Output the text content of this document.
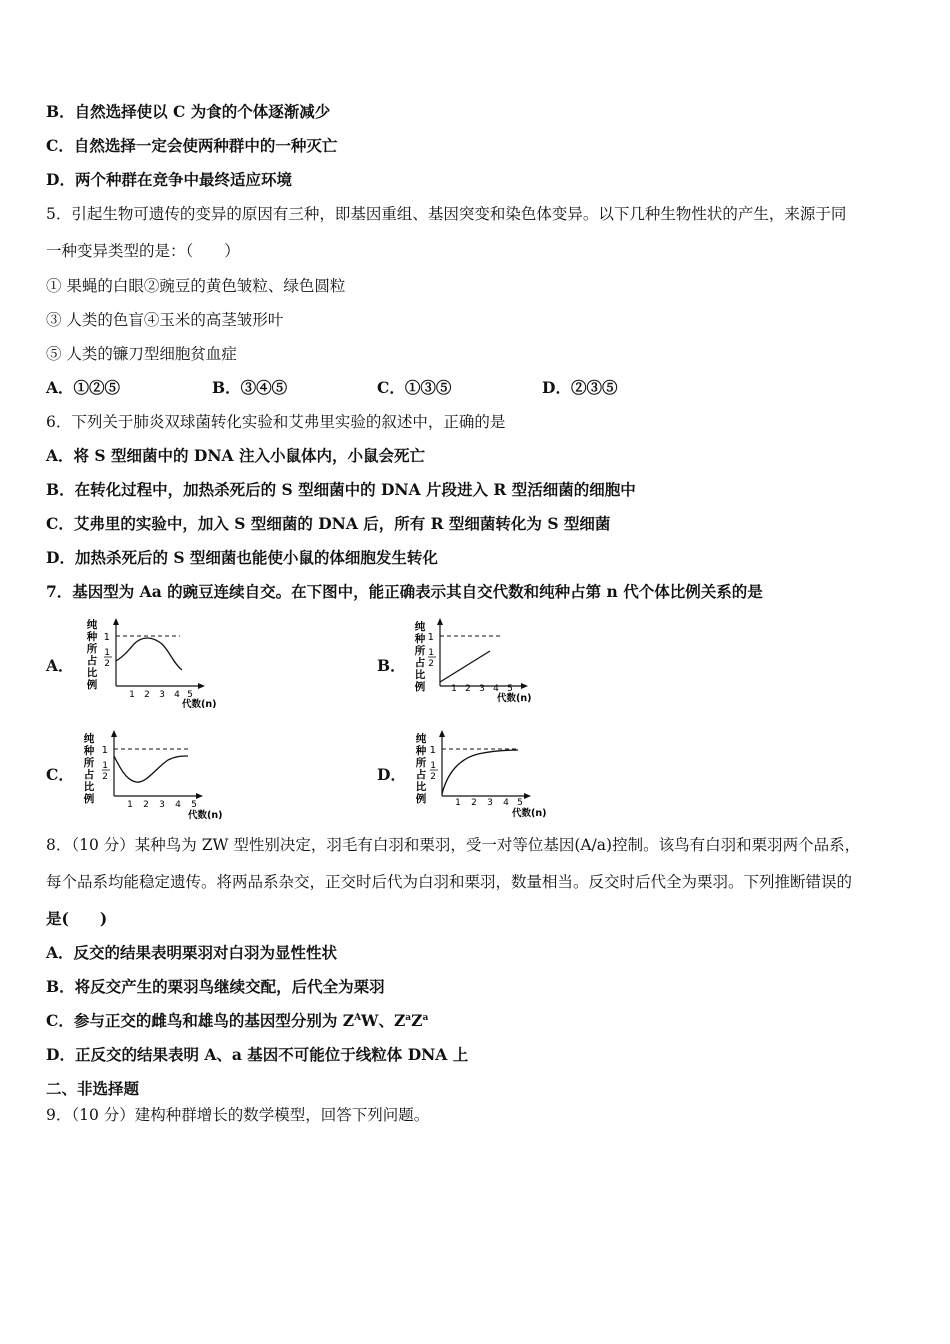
B．自然选择使以 C 为食的个体逐渐减少
C．自然选择一定会使两种群中的一种灭亡
D．两个种群在竞争中最终适应环境
5．引起生物可遗传的变异的原因有三种，即基因重组、基因突变和染色体变异。以下几种生物性状的产生，来源于同
一种变异类型的是：（　　）
① 果蝇的白眼②豌豆的黄色皱粒、绿色圆粒
③ 人类的色盲④玉米的高茎皱形叶
⑤ 人类的镰刀型细胞贫血症
A．①②⑤	B．③④⑤	C．①③⑤	D．②③⑤
6．下列关于肺炎双球菌转化实验和艾弗里实验的叙述中，正确的是
A．将 S 型细菌中的 DNA 注入小鼠体内，小鼠会死亡
B．在转化过程中，加热杀死后的 S 型细菌中的 DNA 片段进入 R 型活细菌的细胞中
C．艾弗里的实验中，加入 S 型细菌的 DNA 后，所有 R 型细菌转化为 S 型细菌
D．加热杀死后的 S 型细菌也能使小鼠的体细胞发生转化
7．基因型为 Aa 的豌豆连续自交。在下图中，能正确表示其自交代数和纯种占第 n 代个体比例关系的是
A．	B．
C．	D．
纯
种
所
占
比
例
1
1
2
1 2 3 4 5
代数(n)
纯
种
所
占
比
例
1
1
2
1 2 3 4 5
代数(n)
纯
种
所
占
比
例
1
1
2
1 2 3 4 5
代数(n)
纯
种
所
占
比
例
1
1
2
1 2 3 4 5
代数(n)
8．（10 分）某种鸟为 ZW 型性别决定，羽毛有白羽和栗羽，受一对等位基因(A/a)控制。该鸟有白羽和栗羽两个品系，
每个品系均能稳定遗传。将两品系杂交，正交时后代为白羽和栗羽，数量相当。反交时后代全为栗羽。下列推断错误的
是(　　)
A．反交的结果表明栗羽对白羽为显性性状
B．将反交产生的栗羽鸟继续交配，后代全为栗羽
C．参与正交的雌鸟和雄鸟的基因型分别为 $Z^AW$、$Z^aZ^a$
D．正反交的结果表明 A、a 基因不可能位于线粒体 DNA 上
二、非选择题
9．（10 分）建构种群增长的数学模型，回答下列问题。
